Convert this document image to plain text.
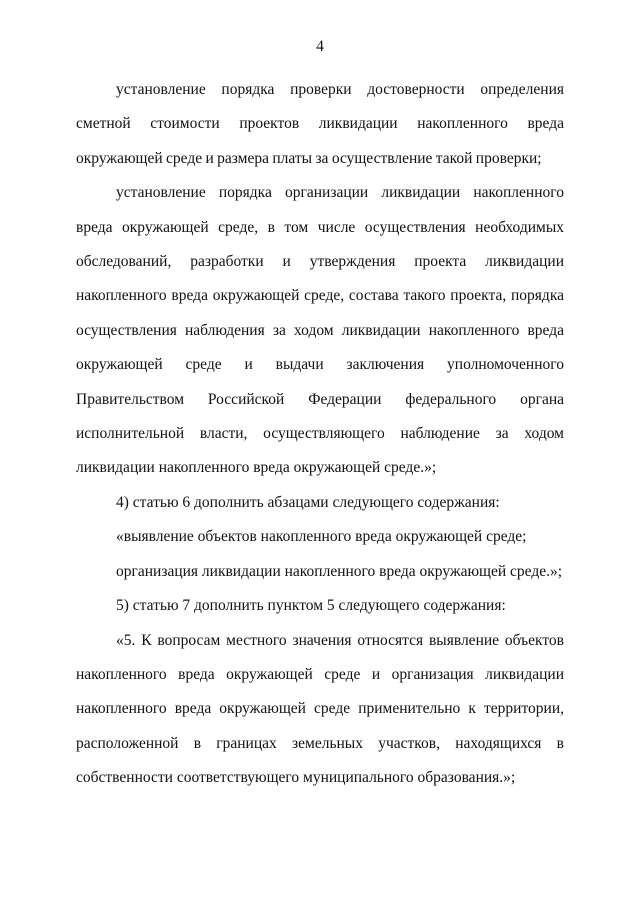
4

установление порядка проверки достоверности определения сметной стоимости проектов ликвидации накопленного вреда окружающей среде и размера платы за осуществление такой проверки;

установление порядка организации ликвидации накопленного вреда окружающей среде, в том числе осуществления необходимых обследований, разработки и утверждения проекта ликвидации накопленного вреда окружающей среде, состава такого проекта, порядка осуществления наблюдения за ходом ликвидации накопленного вреда окружающей среде и выдачи заключения уполномоченного Правительством Российской Федерации федерального органа исполнительной власти, осуществляющего наблюдение за ходом ликвидации накопленного вреда окружающей среде.»;

4) статью 6 дополнить абзацами следующего содержания:

«выявление объектов накопленного вреда окружающей среде;

организация ликвидации накопленного вреда окружающей среде.»;

5) статью 7 дополнить пунктом 5 следующего содержания:

«5. К вопросам местного значения относятся выявление объектов накопленного вреда окружающей среде и организация ликвидации накопленного вреда окружающей среде применительно к территории, расположенной в границах земельных участков, находящихся в собственности соответствующего муниципального образования.»;
